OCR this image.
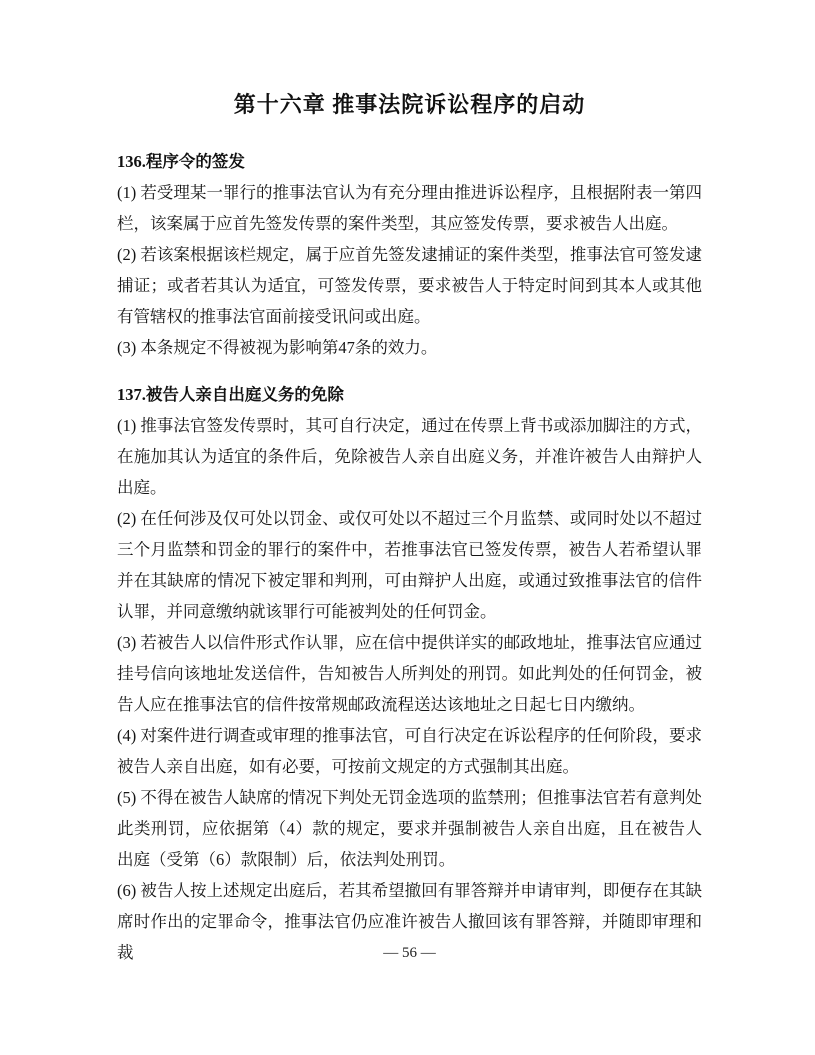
第十六章 推事法院诉讼程序的启动
136.程序令的签发

(1) 若受理某一罪行的推事法官认为有充分理由推进诉讼程序，且根据附表一第四栏，该案属于应首先签发传票的案件类型，其应签发传票，要求被告人出庭。

(2) 若该案根据该栏规定，属于应首先签发逮捕证的案件类型，推事法官可签发逮捕证；或者若其认为适宜，可签发传票，要求被告人于特定时间到其本人或其他有管辖权的推事法官面前接受讯问或出庭。

(3) 本条规定不得被视为影响第47条的效力。

137.被告人亲自出庭义务的免除

(1) 推事法官签发传票时，其可自行决定，通过在传票上背书或添加脚注的方式，在施加其认为适宜的条件后，免除被告人亲自出庭义务，并准许被告人由辩护人出庭。

(2) 在任何涉及仅可处以罚金、或仅可处以不超过三个月监禁、或同时处以不超过三个月监禁和罚金的罪行的案件中，若推事法官已签发传票，被告人若希望认罪并在其缺席的情况下被定罪和判刑，可由辩护人出庭，或通过致推事法官的信件认罪，并同意缴纳就该罪行可能被判处的任何罚金。

(3) 若被告人以信件形式作认罪，应在信中提供详实的邮政地址，推事法官应通过挂号信向该地址发送信件，告知被告人所判处的刑罚。如此判处的任何罚金，被告人应在推事法官的信件按常规邮政流程送达该地址之日起七日内缴纳。

(4) 对案件进行调查或审理的推事法官，可自行决定在诉讼程序的任何阶段，要求被告人亲自出庭，如有必要，可按前文规定的方式强制其出庭。

(5) 不得在被告人缺席的情况下判处无罚金选项的监禁刑；但推事法官若有意判处此类刑罚，应依据第（4）款的规定，要求并强制被告人亲自出庭，且在被告人出庭（受第（6）款限制）后，依法判处刑罚。

(6) 被告人按上述规定出庭后，若其希望撤回有罪答辩并申请审判，即便存在其缺席时作出的定罪命令，推事法官仍应准许被告人撤回该有罪答辩，并随即审理和裁	— 56 —
